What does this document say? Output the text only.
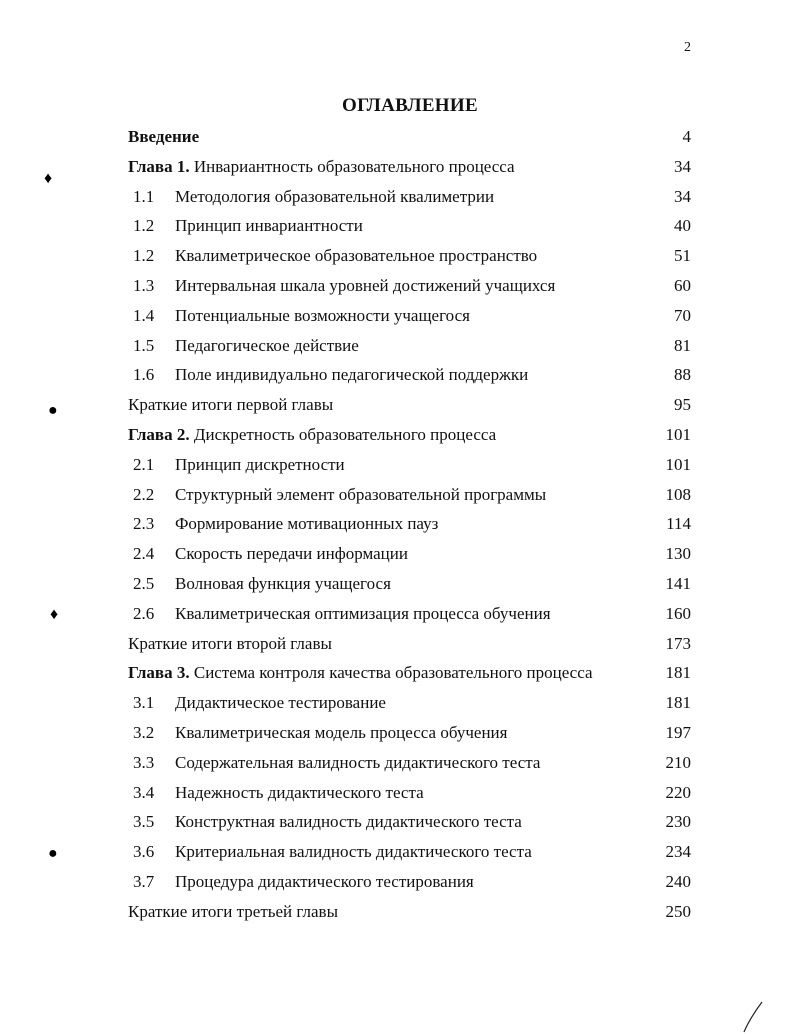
2
ОГЛАВЛЕНИЕ
Введение	4
Глава 1. Инвариантность образовательного процесса	34
1.1	Методология образовательной квалиметрии	34
1.2	Принцип инвариантности	40
1.2	Квалиметрическое образовательное пространство	51
1.3	Интервальная шкала уровней достижений учащихся	60
1.4	Потенциальные возможности учащегося	70
1.5	Педагогическое действие	81
1.6	Поле индивидуально педагогической поддержки	88
Краткие итоги первой главы	95
Глава 2. Дискретность образовательного процесса	101
2.1	Принцип дискретности	101
2.2	Структурный элемент образовательной программы	108
2.3	Формирование мотивационных пауз	114
2.4	Скорость передачи информации	130
2.5	Волновая функция учащегося	141
2.6	Квалиметрическая оптимизация процесса обучения	160
Краткие итоги второй главы	173
Глава 3. Система контроля качества образовательного процесса	181
3.1	Дидактическое тестирование	181
3.2	Квалиметрическая модель процесса обучения	197
3.3	Содержательная валидность дидактического теста	210
3.4	Надежность дидактического теста	220
3.5	Конструктная валидность дидактического теста	230
3.6	Критериальная валидность дидактического теста	234
3.7	Процедура дидактического тестирования	240
Краткие итоги третьей главы	250
♦
●
♦
●
